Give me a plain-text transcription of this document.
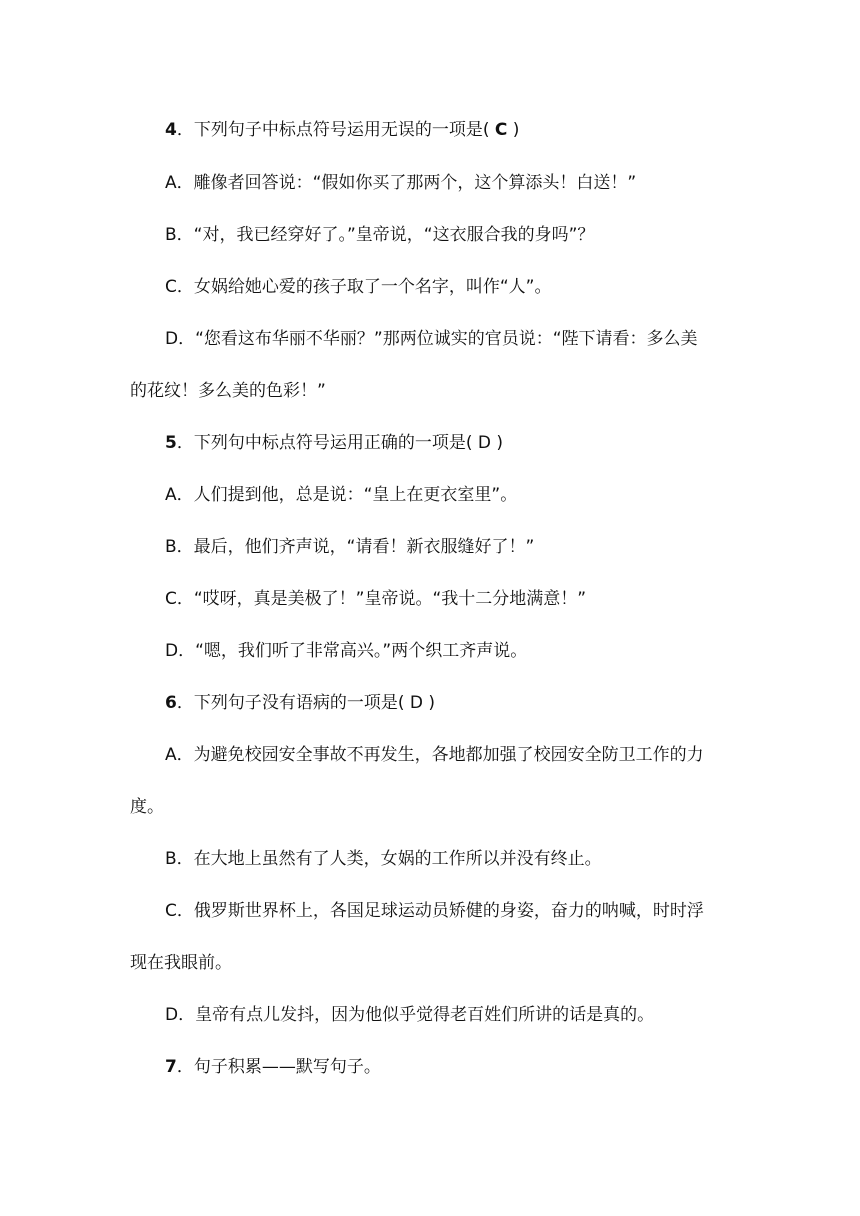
4．下列句子中标点符号运用无误的一项是( C )
A．雕像者回答说：“假如你买了那两个，这个算添头！白送！”
B．“对，我已经穿好了。”皇帝说，“这衣服合我的身吗”？
C．女娲给她心爱的孩子取了一个名字，叫作“人”。
D．“您看这布华丽不华丽？”那两位诚实的官员说：“陛下请看：多么美
的花纹！多么美的色彩！”
5．下列句中标点符号运用正确的一项是( D )
A．人们提到他，总是说：“皇上在更衣室里”。
B．最后，他们齐声说，“请看！新衣服缝好了！”
C．“哎呀，真是美极了！”皇帝说。“我十二分地满意！”
D．“嗯，我们听了非常高兴。”两个织工齐声说。
6．下列句子没有语病的一项是( D )
A．为避免校园安全事故不再发生，各地都加强了校园安全防卫工作的力
度。
B．在大地上虽然有了人类，女娲的工作所以并没有终止。
C．俄罗斯世界杯上，各国足球运动员矫健的身姿，奋力的呐喊，时时浮
现在我眼前。
D．皇帝有点儿发抖，因为他似乎觉得老百姓们所讲的话是真的。
7．句子积累——默写句子。
